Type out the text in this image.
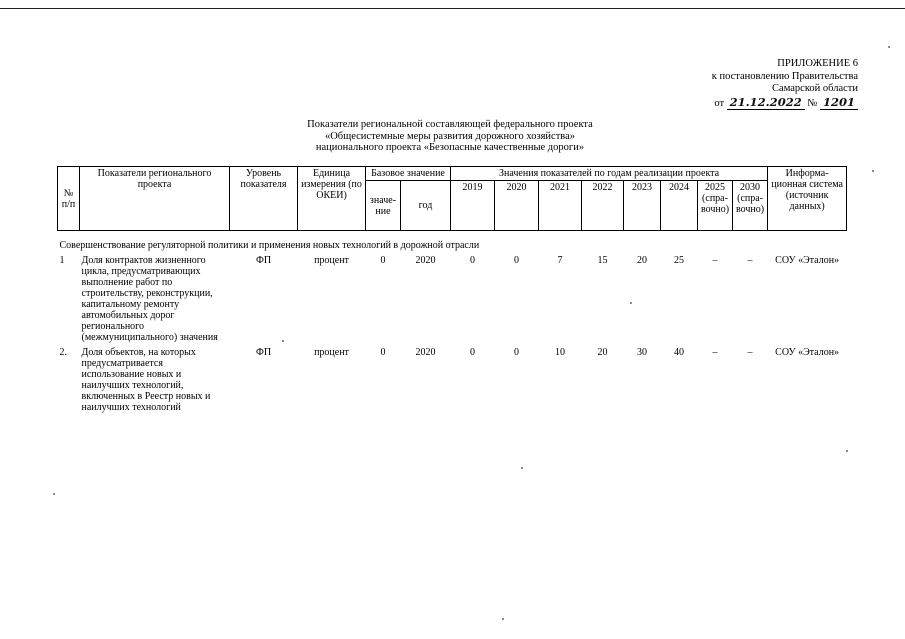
ПРИЛОЖЕНИЕ 6
к постановлению Правительства
Самарской области
от 21.12.2022 № 1201
Показатели региональной составляющей федерального проекта
«Общесистемные меры развития дорожного хозяйства»
национального проекта «Безопасные качественные дороги»
№ п/п	Показатели регионального проекта	Уровень показателя	Единица измерения (по ОКЕИ)	Базовое значение		Значения показателей по годам реализации проекта								Информа-ционная система (источник данных)
				значе-ние	год	2019	2020	2021	2022	2023	2024	2025 (спра-вочно)	2030 (спра-вочно)	

Совершенствование регуляторной политики и применения новых технологий в дорожной отрасли														
1	Доля контрактов жизненного цикла, предусматривающих выполнение работ по строительству, реконструкции, капитальному ремонту автомобильных дорог регионального (межмуниципального) значения	ФП	процент	0	2020	0	0	7	15	20	25	–	–	СОУ «Эталон»
2.	Доля объектов, на которых предусматривается использование новых и наилучших технологий, включенных в Реестр новых и наилучших технологий	ФП	процент	0	2020	0	0	10	20	30	40	–	–	СОУ «Эталон»
